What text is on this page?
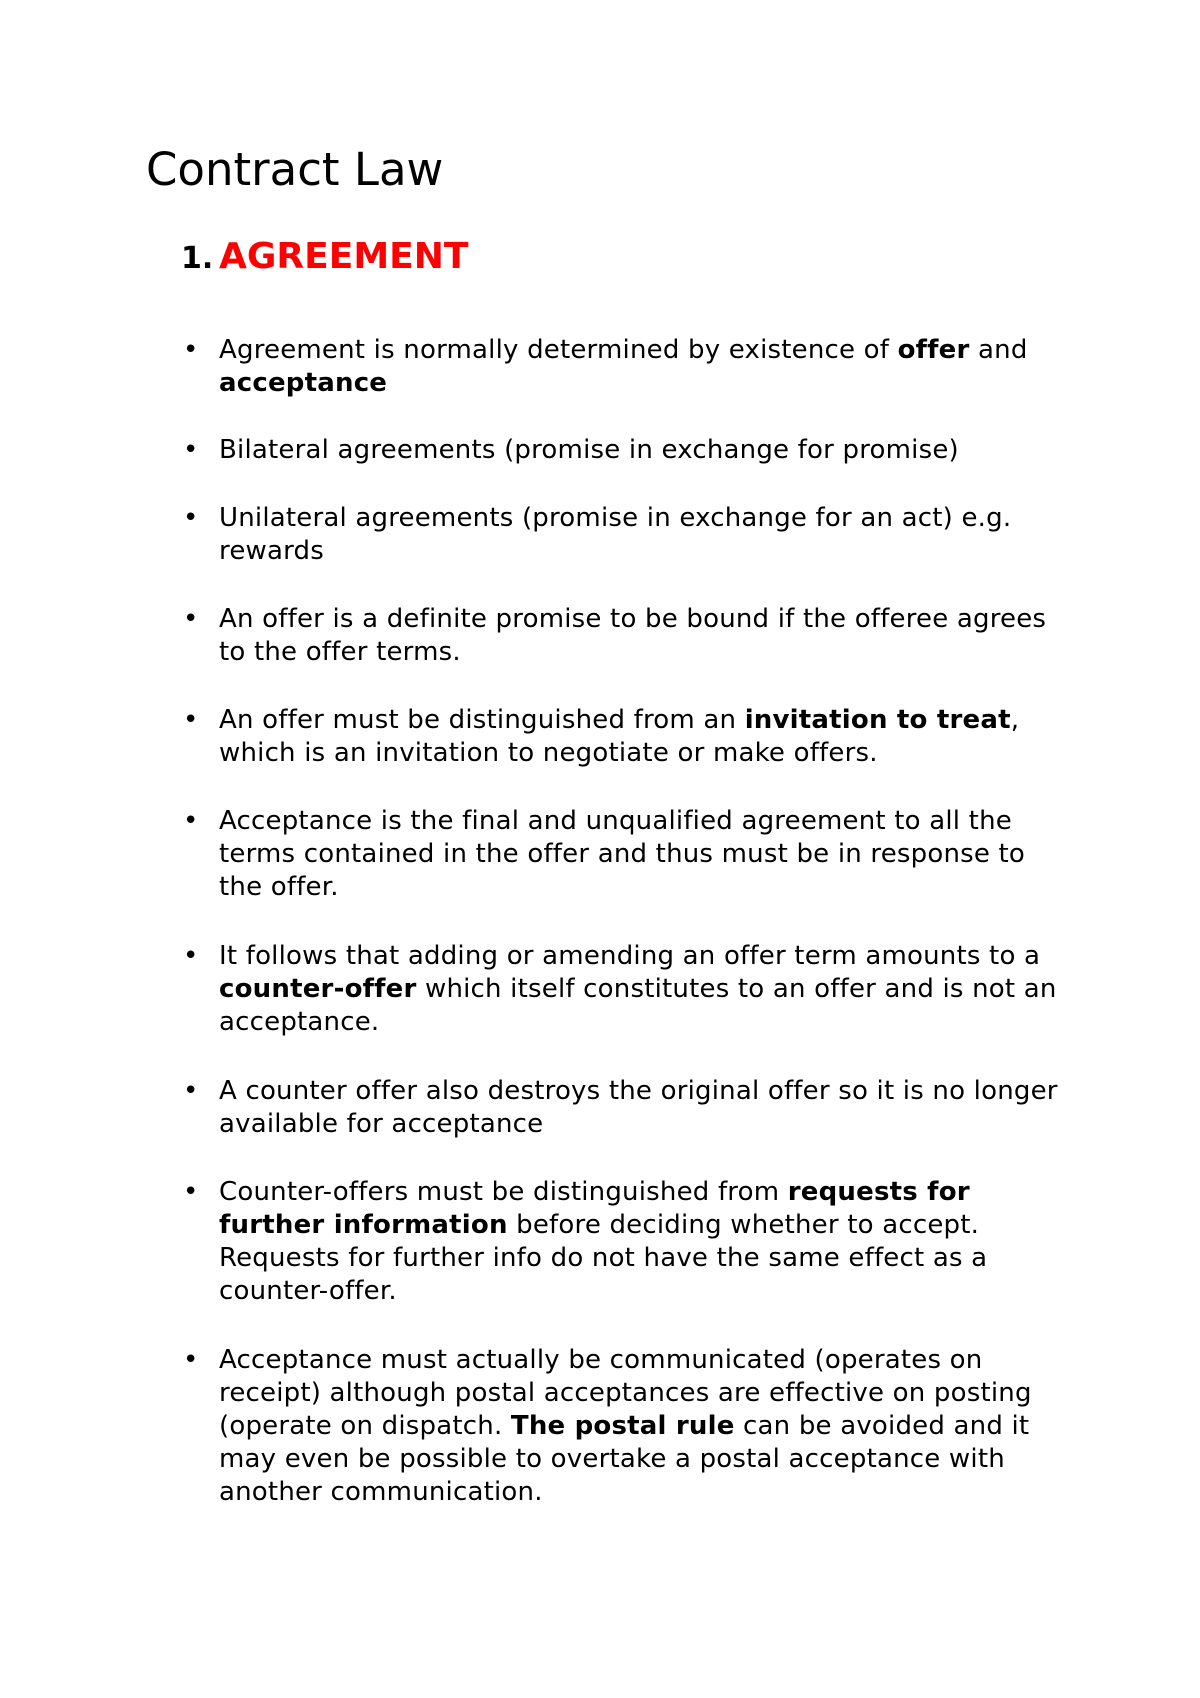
Contract Law
1. AGREEMENT
• Agreement is normally determined by existence of offer and acceptance
• Bilateral agreements (promise in exchange for promise)
• Unilateral agreements (promise in exchange for an act) e.g. rewards
• An offer is a definite promise to be bound if the offeree agrees to the offer terms.
• An offer must be distinguished from an invitation to treat, which is an invitation to negotiate or make offers.
• Acceptance is the final and unqualified agreement to all the terms contained in the offer and thus must be in response to the offer.
• It follows that adding or amending an offer term amounts to a counter-offer which itself constitutes to an offer and is not an acceptance.
• A counter offer also destroys the original offer so it is no longer available for acceptance
• Counter-offers must be distinguished from requests for further information before deciding whether to accept. Requests for further info do not have the same effect as a counter-offer.
• Acceptance must actually be communicated (operates on receipt) although postal acceptances are effective on posting (operate on dispatch. The postal rule can be avoided and it may even be possible to overtake a postal acceptance with another communication.
